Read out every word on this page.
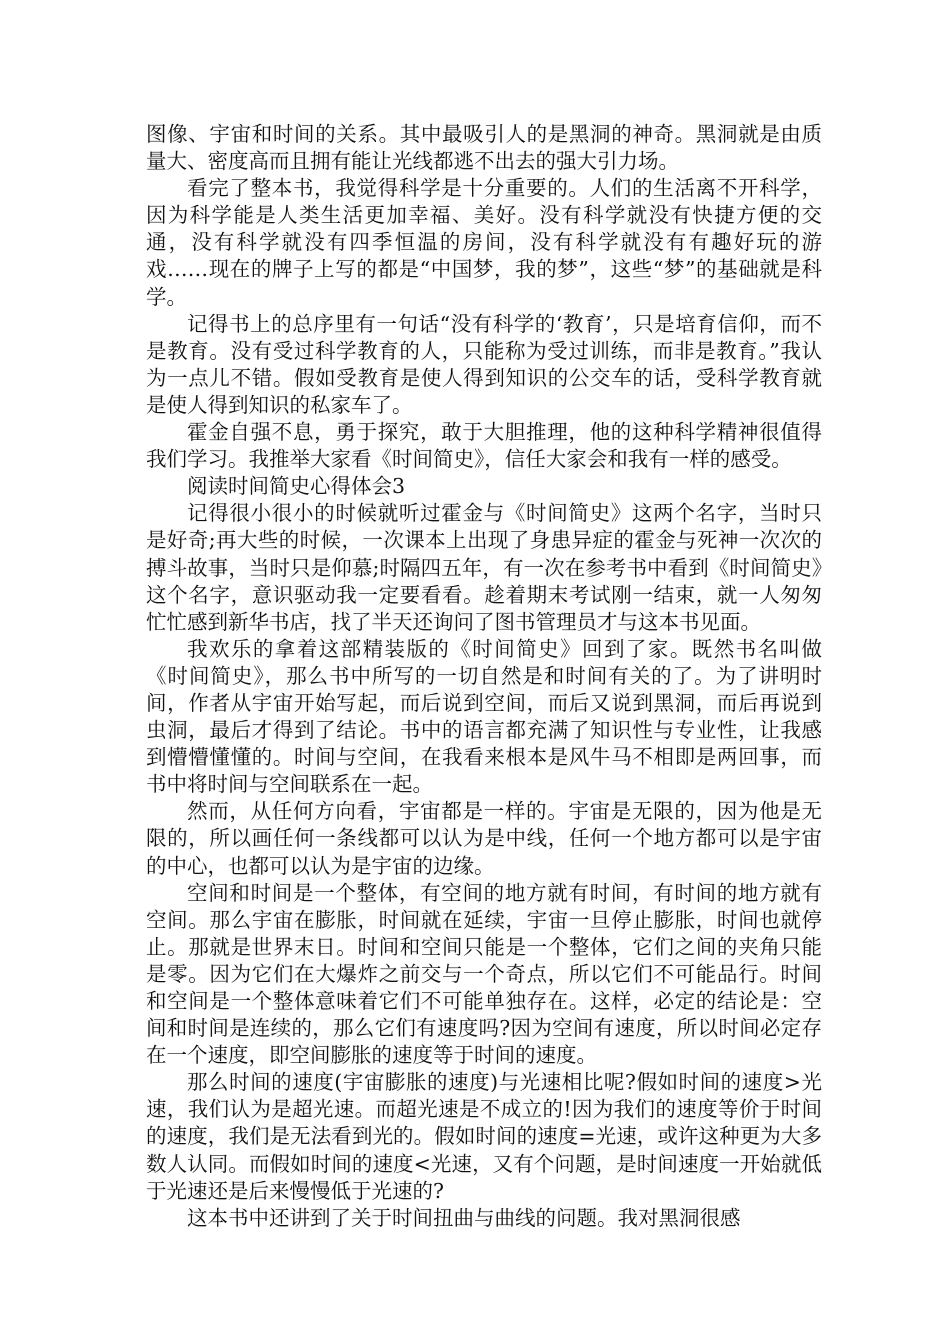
图像、宇宙和时间的关系。其中最吸引人的是黑洞的神奇。黑洞就是由质量大、密度高而且拥有能让光线都逃不出去的强大引力场。

看完了整本书，我觉得科学是十分重要的。人们的生活离不开科学，因为科学能是人类生活更加幸福、美好。没有科学就没有快捷方便的交通，没有科学就没有四季恒温的房间，没有科学就没有有趣好玩的游戏……现在的牌子上写的都是“中国梦，我的梦”，这些“梦”的基础就是科学。

记得书上的总序里有一句话“没有科学的‘教育’，只是培育信仰，而不是教育。没有受过科学教育的人，只能称为受过训练，而非是教育。”我认为一点儿不错。假如受教育是使人得到知识的公交车的话，受科学教育就是使人得到知识的私家车了。

霍金自强不息，勇于探究，敢于大胆推理，他的这种科学精神很值得我们学习。我推举大家看《时间简史》，信任大家会和我有一样的感受。

阅读时间简史心得体会3

记得很小很小的时候就听过霍金与《时间简史》这两个名字，当时只是好奇;再大些的时候，一次课本上出现了身患异症的霍金与死神一次次的搏斗故事，当时只是仰慕;时隔四五年，有一次在参考书中看到《时间简史》这个名字，意识驱动我一定要看看。趁着期末考试刚一结束，就一人匆匆忙忙感到新华书店，找了半天还询问了图书管理员才与这本书见面。

我欢乐的拿着这部精装版的《时间简史》回到了家。既然书名叫做《时间简史》，那么书中所写的一切自然是和时间有关的了。为了讲明时间，作者从宇宙开始写起，而后说到空间，而后又说到黑洞，而后再说到虫洞，最后才得到了结论。书中的语言都充满了知识性与专业性，让我感到懵懵懂懂的。时间与空间，在我看来根本是风牛马不相即是两回事，而书中将时间与空间联系在一起。

然而，从任何方向看，宇宙都是一样的。宇宙是无限的，因为他是无限的，所以画任何一条线都可以认为是中线，任何一个地方都可以是宇宙的中心，也都可以认为是宇宙的边缘。

空间和时间是一个整体，有空间的地方就有时间，有时间的地方就有空间。那么宇宙在膨胀，时间就在延续，宇宙一旦停止膨胀，时间也就停止。那就是世界末日。时间和空间只能是一个整体，它们之间的夹角只能是零。因为它们在大爆炸之前交与一个奇点，所以它们不可能品行。时间和空间是一个整体意味着它们不可能单独存在。这样，必定的结论是：空间和时间是连续的，那么它们有速度吗?因为空间有速度，所以时间必定存在一个速度，即空间膨胀的速度等于时间的速度。

那么时间的速度(宇宙膨胀的速度)与光速相比呢?假如时间的速度>光速，我们认为是超光速。而超光速是不成立的!因为我们的速度等价于时间的速度，我们是无法看到光的。假如时间的速度=光速，或许这种更为大多数人认同。而假如时间的速度<光速，又有个问题，是时间速度一开始就低于光速还是后来慢慢低于光速的?

这本书中还讲到了关于时间扭曲与曲线的问题。我对黑洞很感
